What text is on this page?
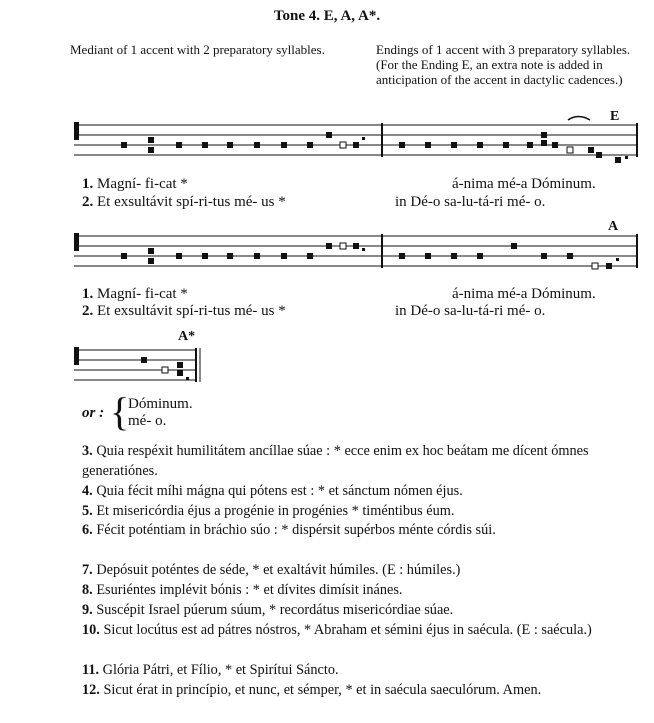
Tone 4. E, A, A*.
Mediant of 1 accent with 2 preparatory syllables.	Endings of 1 accent with 3 preparatory syllables. (For the Ending E, an extra note is added in anticipation of the accent in dactylic cadences.)
E
1. Magní- fi-cat *	á-nima mé-a Dóminum.
2. Et exsultávit spí-ri-tus mé- us *	in Dé-o sa-lu-tá-ri mé- o.
A
1. Magní- fi-cat *	á-nima mé-a Dóminum.
2. Et exsultávit spí-ri-tus mé- us *	in Dé-o sa-lu-tá-ri mé- o.
A*
or : {
Dóminum.
mé- o.
3. Quia respéxit humilitátem ancíllae súae : * ecce enim ex hoc beátam me dícent ómnes generatiónes.
4. Quia fécit míhi mágna qui pótens est : * et sánctum nómen éjus.
5. Et misericórdia éjus a progénie in progénies * timéntibus éum.
6. Fécit poténtiam in bráchio súo : * dispérsit supérbos ménte córdis súi.
7. Depósuit poténtes de séde, * et exaltávit húmiles. (E : húmiles.)
8. Esuriéntes implévit bónis : * et dívites dimísit inánes.
9. Suscépit Israel púerum súum, * recordátus misericórdiae súae.
10. Sicut locútus est ad pátres nóstros, * Abraham et sémini éjus in saécula. (E : saécula.)
11. Glória Pátri, et Fílio, * et Spirítui Sáncto.
12. Sicut érat in princípio, et nunc, et sémper, * et in saécula saeculórum. Amen.
